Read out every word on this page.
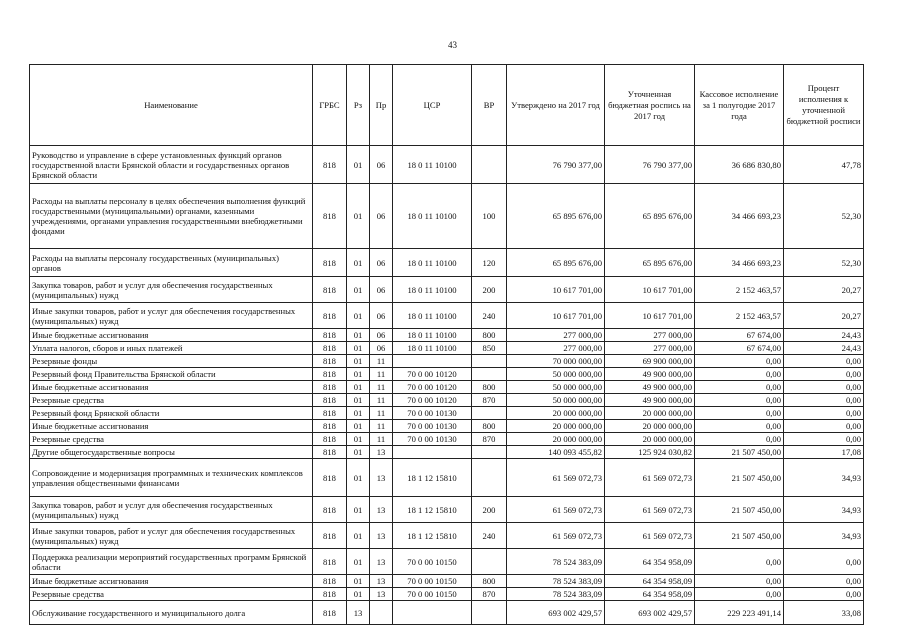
43
Наименование	ГРБС	Рз	Пр	ЦСР	ВР	Утверждено на 2017 год	Уточненная бюджетная роспись на 2017 год	Кассовое исполнение за 1 полугодие 2017 года	Процент исполнения к уточненной бюджетной росписи
Руководство и управление в сфере установленных функций органов государственной власти Брянской области и государственных органов Брянской области	818	01	06	18 0 11 10100		76 790 377,00	76 790 377,00	36 686 830,80	47,78
Расходы на выплаты персоналу в целях обеспечения выполнения функций государственными (муниципальными) органами, казенными учреждениями, органами управления государственными внебюджетными фондами	818	01	06	18 0 11 10100	100	65 895 676,00	65 895 676,00	34 466 693,23	52,30
Расходы на выплаты персоналу государственных (муниципальных) органов	818	01	06	18 0 11 10100	120	65 895 676,00	65 895 676,00	34 466 693,23	52,30
Закупка товаров, работ и услуг для обеспечения государственных (муниципальных) нужд	818	01	06	18 0 11 10100	200	10 617 701,00	10 617 701,00	2 152 463,57	20,27
Иные закупки товаров, работ и услуг для обеспечения государственных (муниципальных) нужд	818	01	06	18 0 11 10100	240	10 617 701,00	10 617 701,00	2 152 463,57	20,27
Иные бюджетные ассигнования	818	01	06	18 0 11 10100	800	277 000,00	277 000,00	67 674,00	24,43
Уплата налогов, сборов и иных платежей	818	01	06	18 0 11 10100	850	277 000,00	277 000,00	67 674,00	24,43
Резервные фонды	818	01	11			70 000 000,00	69 900 000,00	0,00	0,00
Резервный фонд Правительства Брянской области	818	01	11	70 0 00 10120		50 000 000,00	49 900 000,00	0,00	0,00
Иные бюджетные ассигнования	818	01	11	70 0 00 10120	800	50 000 000,00	49 900 000,00	0,00	0,00
Резервные средства	818	01	11	70 0 00 10120	870	50 000 000,00	49 900 000,00	0,00	0,00
Резервный фонд Брянской области	818	01	11	70 0 00 10130		20 000 000,00	20 000 000,00	0,00	0,00
Иные бюджетные ассигнования	818	01	11	70 0 00 10130	800	20 000 000,00	20 000 000,00	0,00	0,00
Резервные средства	818	01	11	70 0 00 10130	870	20 000 000,00	20 000 000,00	0,00	0,00
Другие общегосударственные вопросы	818	01	13			140 093 455,82	125 924 030,82	21 507 450,00	17,08
Сопровождение и модернизация программных и технических комплексов управления общественными финансами	818	01	13	18 1 12 15810		61 569 072,73	61 569 072,73	21 507 450,00	34,93
Закупка товаров, работ и услуг для обеспечения государственных (муниципальных) нужд	818	01	13	18 1 12 15810	200	61 569 072,73	61 569 072,73	21 507 450,00	34,93
Иные закупки товаров, работ и услуг для обеспечения государственных (муниципальных) нужд	818	01	13	18 1 12 15810	240	61 569 072,73	61 569 072,73	21 507 450,00	34,93
Поддержка реализации мероприятий государственных программ Брянской области	818	01	13	70 0 00 10150		78 524 383,09	64 354 958,09	0,00	0,00
Иные бюджетные ассигнования	818	01	13	70 0 00 10150	800	78 524 383,09	64 354 958,09	0,00	0,00
Резервные средства	818	01	13	70 0 00 10150	870	78 524 383,09	64 354 958,09	0,00	0,00
Обслуживание государственного и муниципального долга	818	13				693 002 429,57	693 002 429,57	229 223 491,14	33,08
